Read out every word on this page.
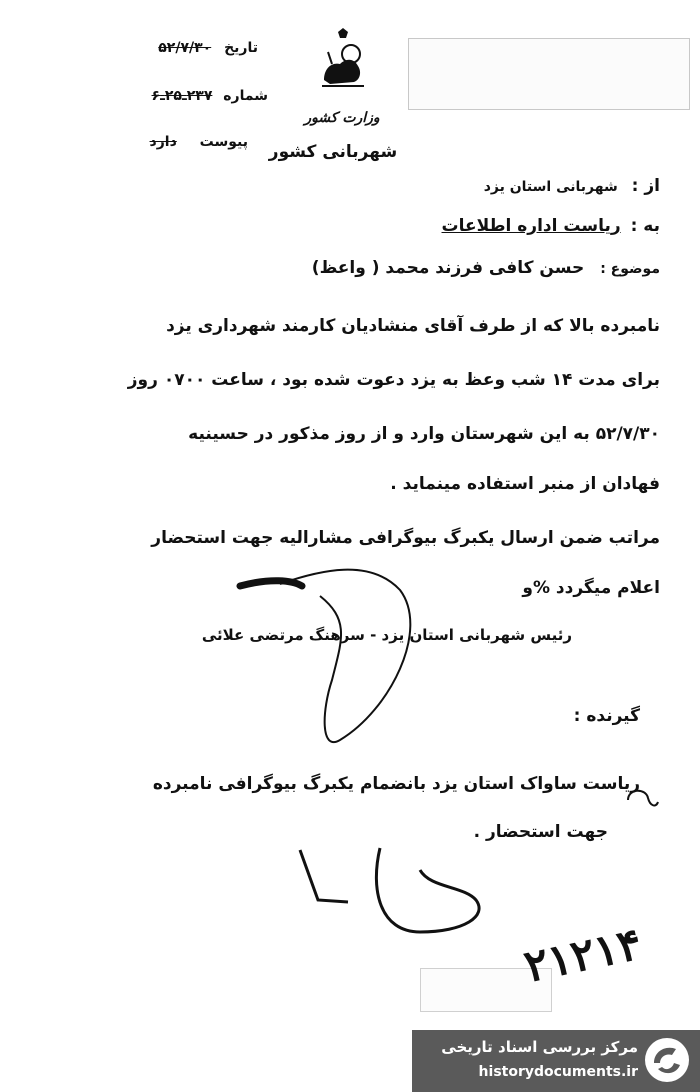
تاریخ ۵۲/۷/۳۰
شماره ۲۳۷ـ۲۵ـ۶
پیوست دارد
وزارت کشور
شهربانی کشور
از : شهربانی استان یزد
به : ریاست اداره اطلاعات
موضوع : حسن کافی فرزند محمد ( واعظ)
نامبرده بالا که از طرف آقای منشادیان کارمند شهرداری یزد
برای مدت ۱۴ شب وعظ به یزد دعوت شده بود ، ساعت ۰۷۰۰ روز
۵۲/۷/۳۰ به این شهرستان وارد و از روز مذکور در حسینیه
فهادان از منبر استفاده مینماید .
مراتب ضمن ارسال یکبرگ بیوگرافی مشارالیه جهت استحضار
اعلام میگردد %و
رئیس شهربانی استان یزد - سرهنگ مرتضی علائی
گیرنده :
ریاست ساواک استان یزد بانضمام یکبرگ بیوگرافی نامبرده
جهت استحضار .
۲۱۲۱۴
مرکز بررسی اسناد تاریخی
historydocuments.ir
